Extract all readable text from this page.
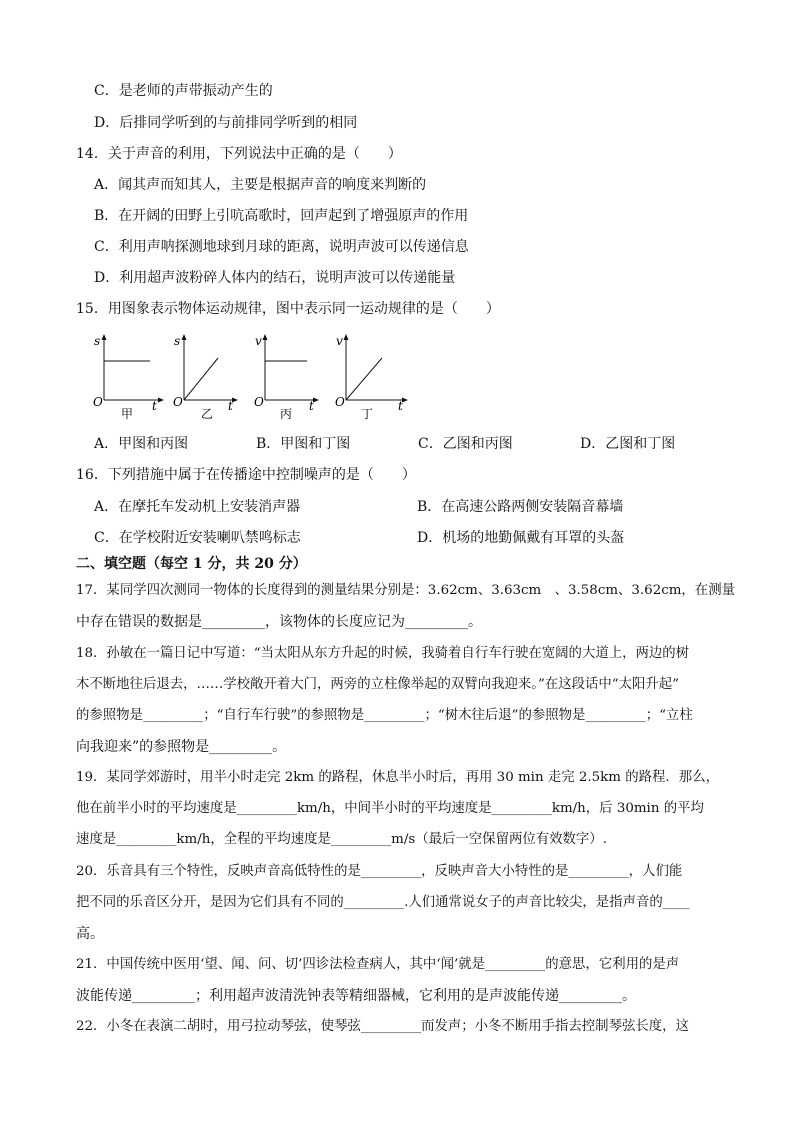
C．是老师的声带振动产生的
D．后排同学听到的与前排同学听到的相同
14．关于声音的利用，下列说法中正确的是（　　）
A．闻其声而知其人，主要是根据声音的响度来判断的
B．在开阔的田野上引吭高歌时，回声起到了增强原声的作用
C．利用声呐探测地球到月球的距离，说明声波可以传递信息
D．利用超声波粉碎人体内的结石，说明声波可以传递能量
15．用图象表示物体运动规律，图中表示同一运动规律的是（　　）
s
O	t
甲
s
O	t
乙
v
O	t
丙
v
O	t
丁
A．甲图和丙图	B．甲图和丁图	C．乙图和丙图	D．乙图和丁图
16．下列措施中属于在传播途中控制噪声的是（　　）
A．在摩托车发动机上安装消声器	B．在高速公路两侧安装隔音幕墙
C．在学校附近安装喇叭禁鸣标志	D．机场的地勤佩戴有耳罩的头盔
二、填空题（每空 1 分，共 20 分）
17．某同学四次测同一物体的长度得到的测量结果分别是：3.62cm、3.63cm　、3.58cm、3.62cm，在测量
中存在错误的数据是_________，该物体的长度应记为_________。
18．孙敏在一篇日记中写道：“当太阳从东方升起的时候，我骑着自行车行驶在宽阔的大道上，两边的树
木不断地往后退去，……学校敞开着大门，两旁的立柱像举起的双臂向我迎来。”在这段话中“太阳升起”
的参照物是_________；“自行车行驶”的参照物是_________；“树木往后退”的参照物是_________；“立柱
向我迎来”的参照物是_________。
19．某同学郊游时，用半小时走完 2km 的路程，休息半小时后，再用 30 min 走完 2.5km 的路程．那么，
他在前半小时的平均速度是_________km/h，中间半小时的平均速度是_________km/h，后 30min 的平均
速度是_________km/h，全程的平均速度是_________m/s（最后一空保留两位有效数字）.
20．乐音具有三个特性，反映声音高低特性的是_________，反映声音大小特性的是_________，人们能
把不同的乐音区分开，是因为它们具有不同的_________.人们通常说女子的声音比较尖，是指声音的____
高。
21．中国传统中医用‘望、闻、问、切’四诊法检查病人，其中‘闻’就是_________的意思，它利用的是声
波能传递_________；利用超声波清洗钟表等精细器械，它利用的是声波能传递_________。
22．小冬在表演二胡时，用弓拉动琴弦，使琴弦_________而发声；小冬不断用手指去控制琴弦长度，这
